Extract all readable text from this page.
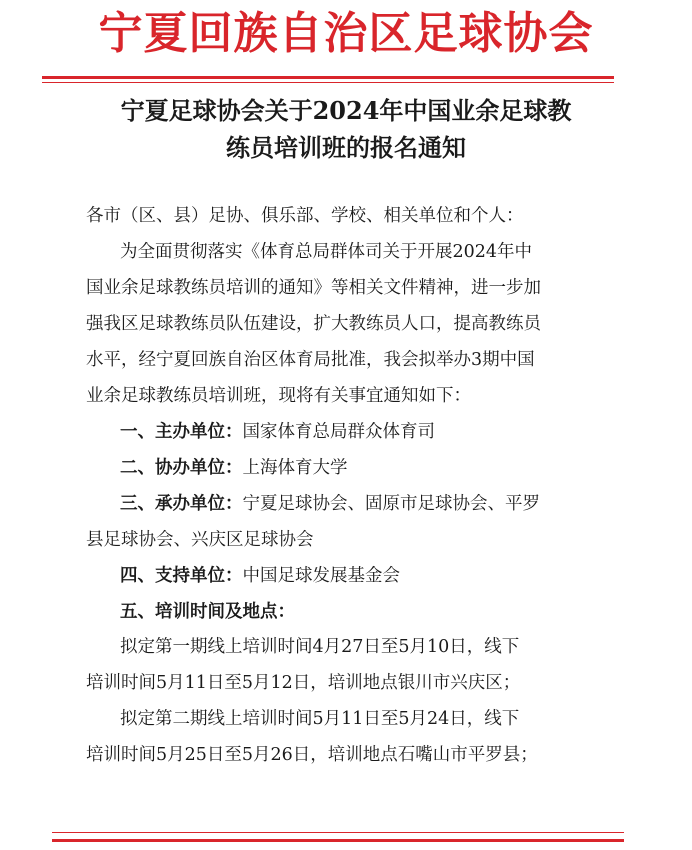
宁夏回族自治区足球协会
宁夏足球协会关于2024年中国业余足球教
练员培训班的报名通知
各市（区、县）足协、俱乐部、学校、相关单位和个人：
为全面贯彻落实《体育总局群体司关于开展2024年中
国业余足球教练员培训的通知》等相关文件精神，进一步加
强我区足球教练员队伍建设，扩大教练员人口，提高教练员
水平，经宁夏回族自治区体育局批准，我会拟举办3期中国
业余足球教练员培训班，现将有关事宜通知如下：
一、主办单位：国家体育总局群众体育司
二、协办单位：上海体育大学
三、承办单位：宁夏足球协会、固原市足球协会、平罗
县足球协会、兴庆区足球协会
四、支持单位：中国足球发展基金会
五、培训时间及地点：
拟定第一期线上培训时间4月27日至5月10日，线下
培训时间5月11日至5月12日，培训地点银川市兴庆区；
拟定第二期线上培训时间5月11日至5月24日，线下
培训时间5月25日至5月26日，培训地点石嘴山市平罗县；
